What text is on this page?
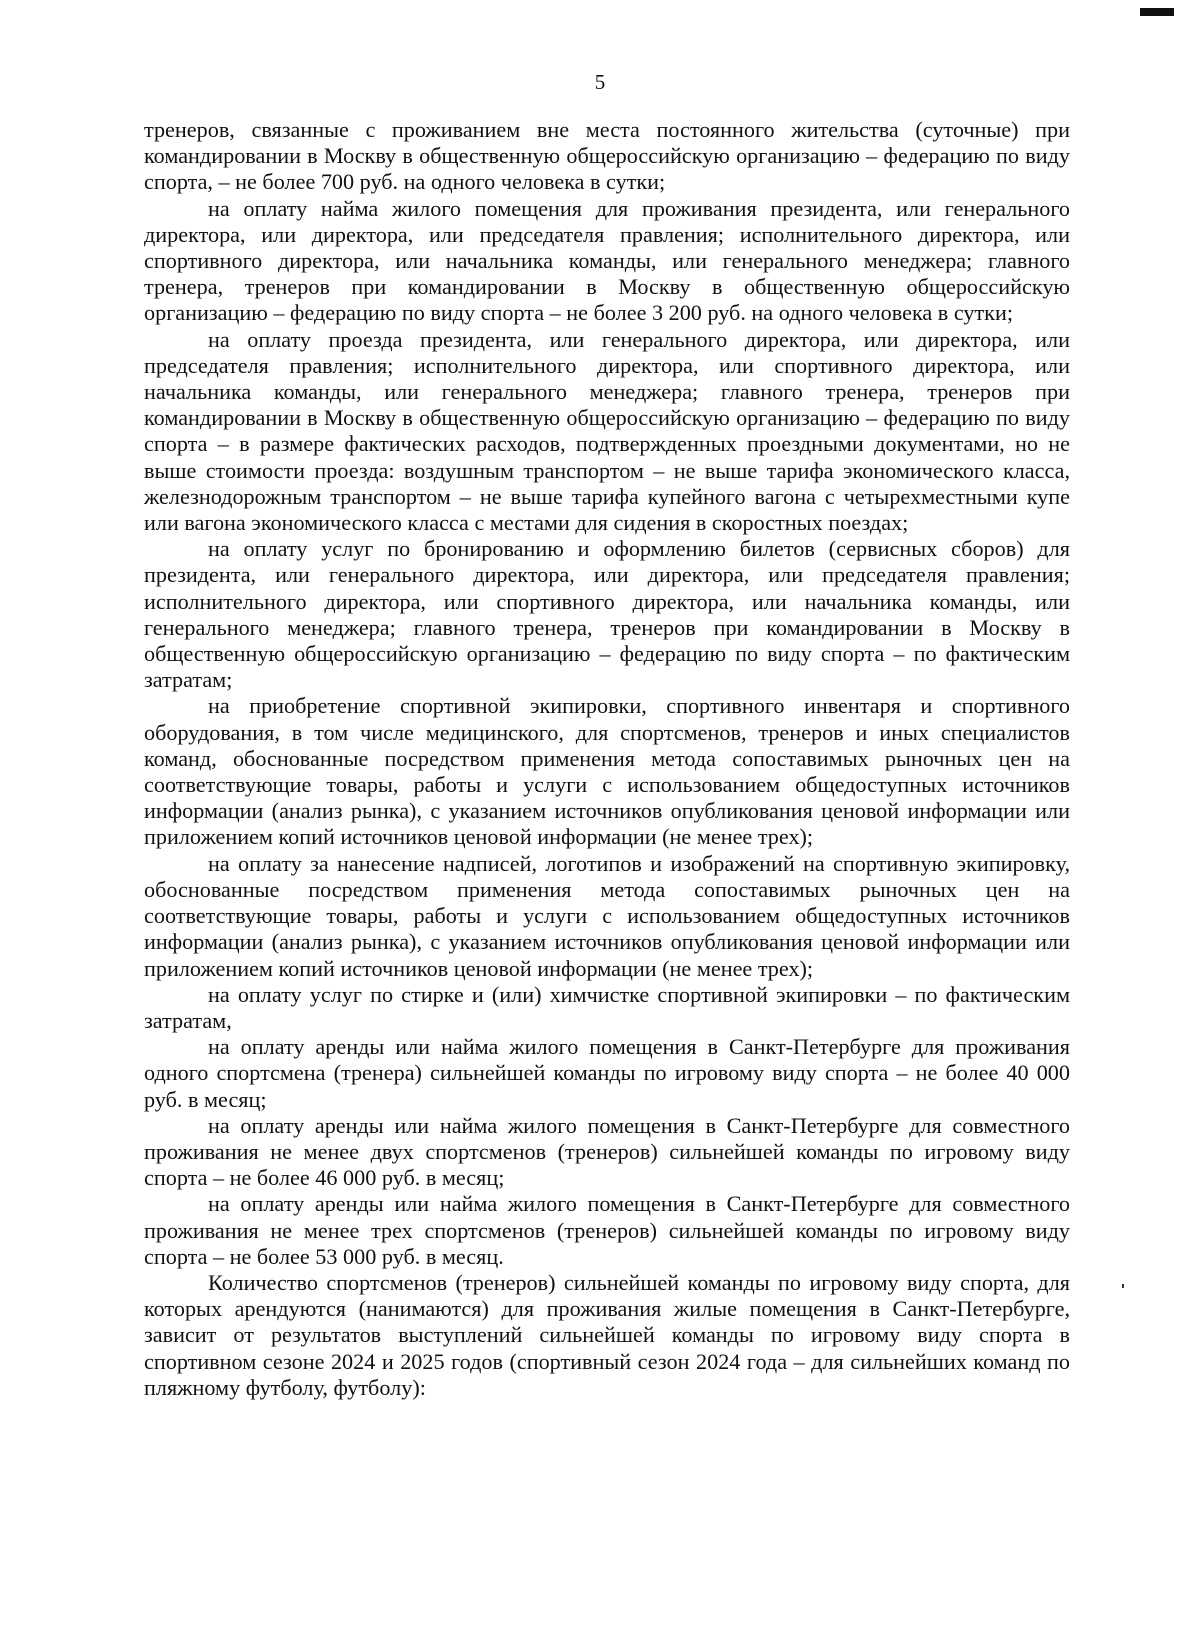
5

тренеров, связанные с проживанием вне места постоянного жительства (суточные) при командировании в Москву в общественную общероссийскую организацию – федерацию по виду спорта, – не более 700 руб. на одного человека в сутки;

на оплату найма жилого помещения для проживания президента, или генерального директора, или директора, или председателя правления; исполнительного директора, или спортивного директора, или начальника команды, или генерального менеджера; главного тренера, тренеров при командировании в Москву в общественную общероссийскую организацию – федерацию по виду спорта – не более 3 200 руб. на одного человека в сутки;

на оплату проезда президента, или генерального директора, или директора, или председателя правления; исполнительного директора, или спортивного директора, или начальника команды, или генерального менеджера; главного тренера, тренеров при командировании в Москву в общественную общероссийскую организацию – федерацию по виду спорта – в размере фактических расходов, подтвержденных проездными документами, но не выше стоимости проезда: воздушным транспортом – не выше тарифа экономического класса, железнодорожным транспортом – не выше тарифа купейного вагона с четырехместными купе или вагона экономического класса с местами для сидения в скоростных поездах;

на оплату услуг по бронированию и оформлению билетов (сервисных сборов) для президента, или генерального директора, или директора, или председателя правления; исполнительного директора, или спортивного директора, или начальника команды, или генерального менеджера; главного тренера, тренеров при командировании в Москву в общественную общероссийскую организацию – федерацию по виду спорта – по фактическим затратам;

на приобретение спортивной экипировки, спортивного инвентаря и спортивного оборудования, в том числе медицинского, для спортсменов, тренеров и иных специалистов команд, обоснованные посредством применения метода сопоставимых рыночных цен на соответствующие товары, работы и услуги с использованием общедоступных источников информации (анализ рынка), с указанием источников опубликования ценовой информации или приложением копий источников ценовой информации (не менее трех);

на оплату за нанесение надписей, логотипов и изображений на спортивную экипировку, обоснованные посредством применения метода сопоставимых рыночных цен на соответствующие товары, работы и услуги с использованием общедоступных источников информации (анализ рынка), с указанием источников опубликования ценовой информации или приложением копий источников ценовой информации (не менее трех);

на оплату услуг по стирке и (или) химчистке спортивной экипировки – по фактическим затратам,

на оплату аренды или найма жилого помещения в Санкт-Петербурге для проживания одного спортсмена (тренера) сильнейшей команды по игровому виду спорта – не более 40 000 руб. в месяц;

на оплату аренды или найма жилого помещения в Санкт-Петербурге для совместного проживания не менее двух спортсменов (тренеров) сильнейшей команды по игровому виду спорта – не более 46 000 руб. в месяц;

на оплату аренды или найма жилого помещения в Санкт-Петербурге для совместного проживания не менее трех спортсменов (тренеров) сильнейшей команды по игровому виду спорта – не более 53 000 руб. в месяц.

Количество спортсменов (тренеров) сильнейшей команды по игровому виду спорта, для которых арендуются (нанимаются) для проживания жилые помещения в Санкт-Петербурге, зависит от результатов выступлений сильнейшей команды по игровому виду спорта в спортивном сезоне 2024 и 2025 годов (спортивный сезон 2024 года – для сильнейших команд по пляжному футболу, футболу):
